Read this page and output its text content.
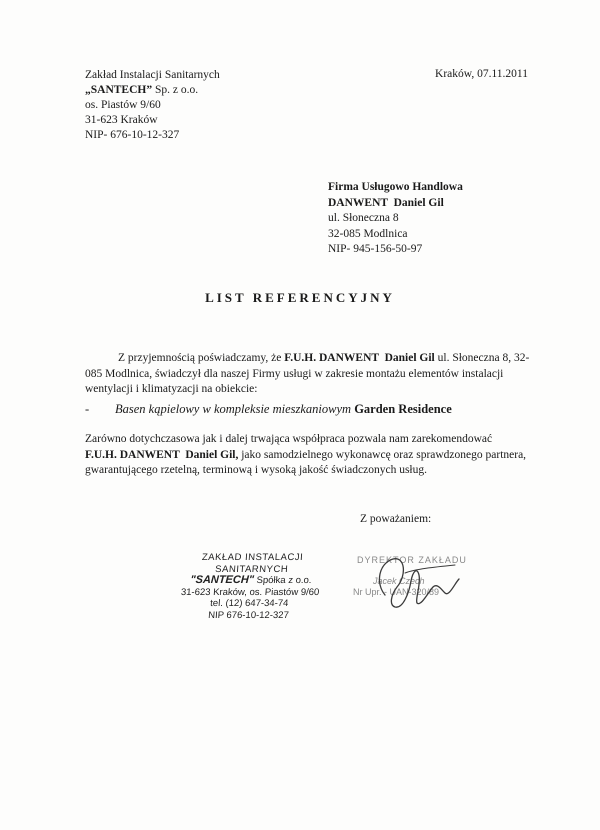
Zakład Instalacji Sanitarnych
„SANTECH” Sp. z o.o.
os. Piastów 9/60
31-623 Kraków
NIP- 676-10-12-327
Kraków, 07.11.2011
Firma Usługowo Handlowa
DANWENT  Daniel Gil
ul. Słoneczna 8
32-085 Modlnica
NIP- 945-156-50-97
LIST REFERENCYJNY
Z przyjemnością poświadczamy, że F.U.H. DANWENT  Daniel Gil ul. Słoneczna 8, 32-085 Modlnica, świadczył dla naszej Firmy usługi w zakresie montażu elementów instalacji wentylacji i klimatyzacji na obiekcie:
- Basen kąpielowy w kompleksie mieszkaniowym Garden Residence
Zarówno dotychczasowa jak i dalej trwająca współpraca pozwala nam zarekomendować F.U.H. DANWENT  Daniel Gil, jako samodzielnego wykonawcę oraz sprawdzonego partnera, gwarantującego rzetelną, terminową i wysoką jakość świadczonych usług.
Z poważaniem:
ZAKŁAD INSTALACJI SANITARNYCH
"SANTECH" Spółka z o.o.
31-623 Kraków, os. Piastów 9/60
tel. (12) 647-34-74
NIP 676-10-12-327
DYREKTOR ZAKŁADU
Jacek Czech
Nr Upr. - UAN-320/89
